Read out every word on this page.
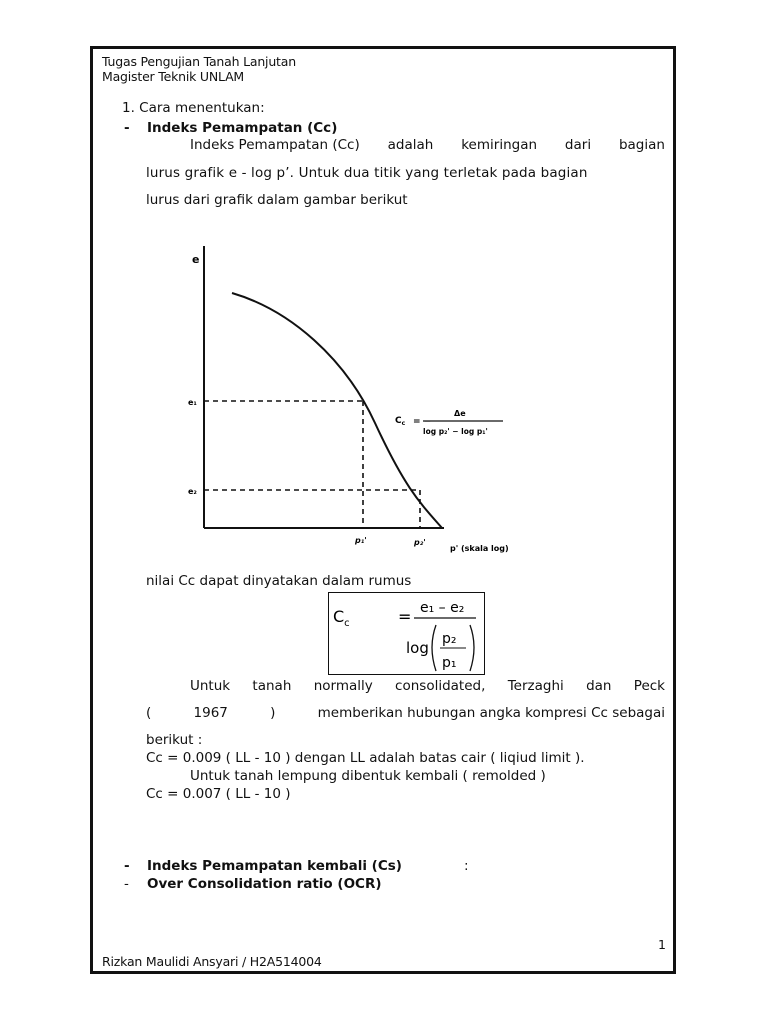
Tugas Pengujian Tanah Lanjutan
Magister Teknik UNLAM
1. Cara menentukan:
- Indeks Pemampatan (Cc)
Indeks Pemampatan (Cc) adalah kemiringan dari bagian
lurus grafik e - log p’. Untuk dua titik yang terletak pada bagian
lurus dari grafik dalam gambar berikut
e
e₁
e₂
p₁'	p₂'
p' (skala log)
$C_c$ = −
Δe
log p₂' − log p₁'
nilai Cc dapat dinyatakan dalam rumus
$C_c$	= e₁ – e₂
log p₂
p₁
Untuk tanah normally consolidated, Terzaghi dan Peck
(	1967	)	memberikan hubungan angka kompresi Cc sebagai
berikut :
Cc = 0.009 ( LL - 10 ) dengan LL adalah batas cair ( liqiud limit ).
Untuk tanah lempung dibentuk kembali ( remolded )
Cc = 0.007 ( LL - 10 )
- Indeks Pemampatan kembali (Cs)	:
- Over Consolidation ratio (OCR)
1
Rizkan Maulidi Ansyari / H2A514004
